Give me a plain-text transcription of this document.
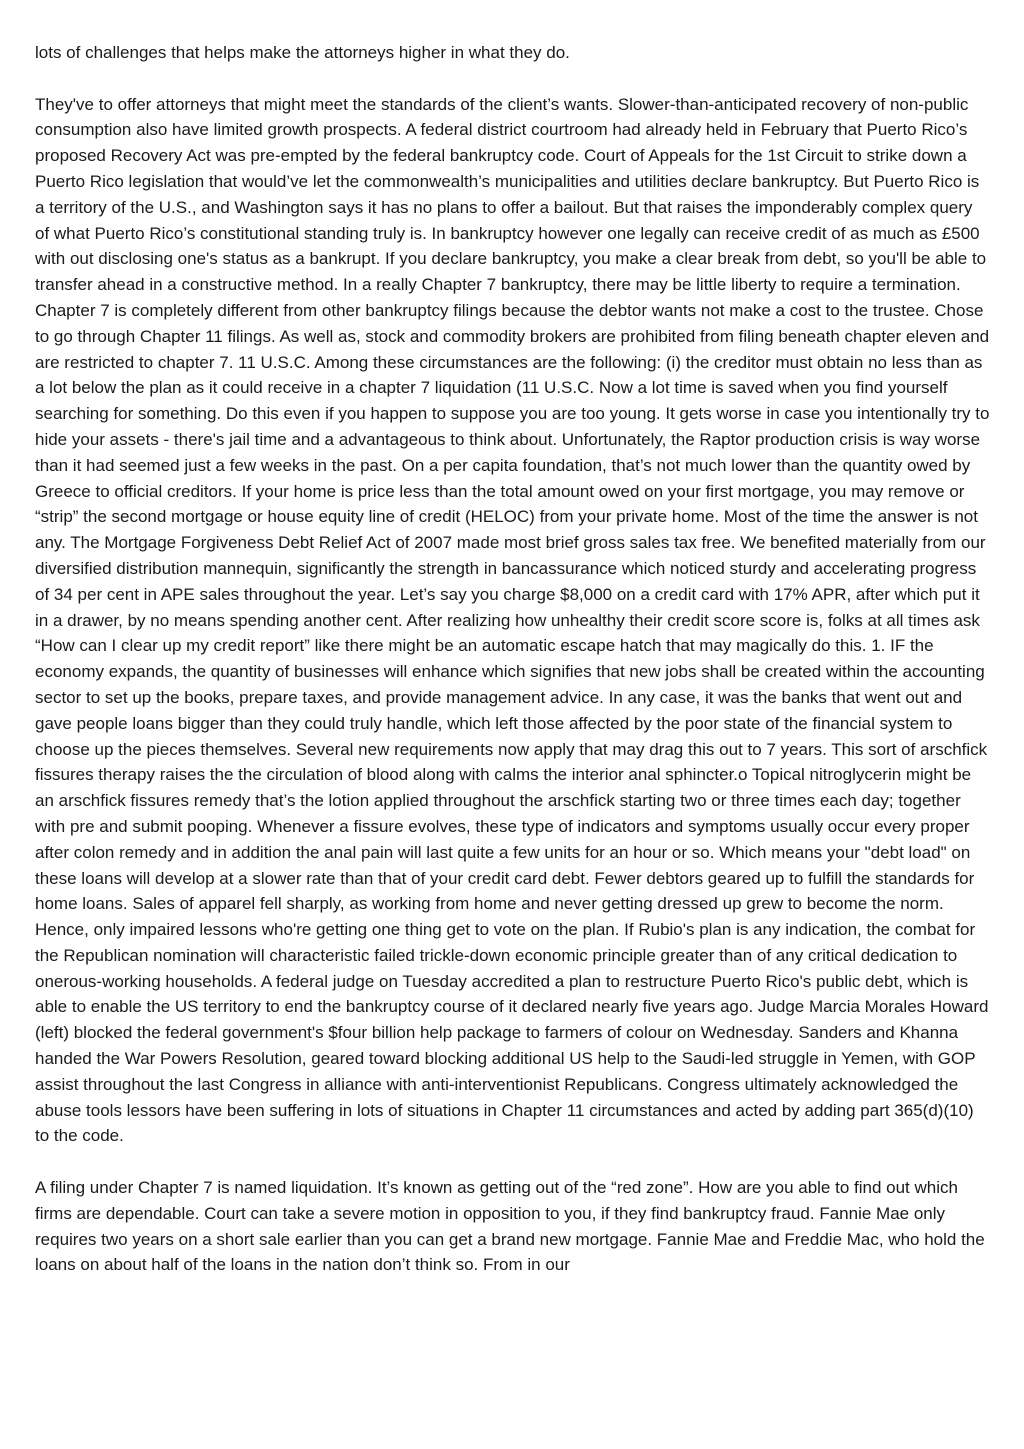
lots of challenges that helps make the attorneys higher in what they do.

They've to offer attorneys that might meet the standards of the client’s wants. Slower-than-anticipated recovery of non-public consumption also have limited growth prospects. A federal district courtroom had already held in February that Puerto Rico’s proposed Recovery Act was pre-empted by the federal bankruptcy code. Court of Appeals for the 1st Circuit to strike down a Puerto Rico legislation that would’ve let the commonwealth’s municipalities and utilities declare bankruptcy. But Puerto Rico is a territory of the U.S., and Washington says it has no plans to offer a bailout. But that raises the imponderably complex query of what Puerto Rico’s constitutional standing truly is. In bankruptcy however one legally can receive credit of as much as £500 with out disclosing one's status as a bankrupt. If you declare bankruptcy, you make a clear break from debt, so you'll be able to transfer ahead in a constructive method. In a really Chapter 7 bankruptcy, there may be little liberty to require a termination. Chapter 7 is completely different from other bankruptcy filings because the debtor wants not make a cost to the trustee. Chose to go through Chapter 11 filings. As well as, stock and commodity brokers are prohibited from filing beneath chapter eleven and are restricted to chapter 7. 11 U.S.C. Among these circumstances are the following: (i) the creditor must obtain no less than as a lot below the plan as it could receive in a chapter 7 liquidation (11 U.S.C. Now a lot time is saved when you find yourself searching for something. Do this even if you happen to suppose you are too young. It gets worse in case you intentionally try to hide your assets - there's jail time and a advantageous to think about. Unfortunately, the Raptor production crisis is way worse than it had seemed just a few weeks in the past. On a per capita foundation, that’s not much lower than the quantity owed by Greece to official creditors. If your home is price less than the total amount owed on your first mortgage, you may remove or “strip” the second mortgage or house equity line of credit (HELOC) from your private home. Most of the time the answer is not any. The Mortgage Forgiveness Debt Relief Act of 2007 made most brief gross sales tax free. We benefited materially from our diversified distribution mannequin, significantly the strength in bancassurance which noticed sturdy and accelerating progress of 34 per cent in APE sales throughout the year. Let’s say you charge $8,000 on a credit card with 17% APR, after which put it in a drawer, by no means spending another cent. After realizing how unhealthy their credit score score is, folks at all times ask “How can I clear up my credit report” like there might be an automatic escape hatch that may magically do this. 1. IF the economy expands, the quantity of businesses will enhance which signifies that new jobs shall be created within the accounting sector to set up the books, prepare taxes, and provide management advice. In any case, it was the banks that went out and gave people loans bigger than they could truly handle, which left those affected by the poor state of the financial system to choose up the pieces themselves. Several new requirements now apply that may drag this out to 7 years. This sort of arschfick fissures therapy raises the the circulation of blood along with calms the interior anal sphincter.o Topical nitroglycerin might be an arschfick fissures remedy that’s the lotion applied throughout the arschfick starting two or three times each day; together with pre and submit pooping. Whenever a fissure evolves, these type of indicators and symptoms usually occur every proper after colon remedy and in addition the anal pain will last quite a few units for an hour or so. Which means your "debt load" on these loans will develop at a slower rate than that of your credit card debt. Fewer debtors geared up to fulfill the standards for home loans. Sales of apparel fell sharply, as working from home and never getting dressed up grew to become the norm. Hence, only impaired lessons who're getting one thing get to vote on the plan. If Rubio's plan is any indication, the combat for the Republican nomination will characteristic failed trickle-down economic principle greater than of any critical dedication to onerous-working households. A federal judge on Tuesday accredited a plan to restructure Puerto Rico's public debt, which is able to enable the US territory to end the bankruptcy course of it declared nearly five years ago. Judge Marcia Morales Howard (left) blocked the federal government's $four billion help package to farmers of colour on Wednesday. Sanders and Khanna handed the War Powers Resolution, geared toward blocking additional US help to the Saudi-led struggle in Yemen, with GOP assist throughout the last Congress in alliance with anti-interventionist Republicans. Congress ultimately acknowledged the abuse tools lessors have been suffering in lots of situations in Chapter 11 circumstances and acted by adding part 365(d)(10) to the code.

A filing under Chapter 7 is named liquidation. It’s known as getting out of the “red zone”. How are you able to find out which firms are dependable. Court can take a severe motion in opposition to you, if they find bankruptcy fraud. Fannie Mae only requires two years on a short sale earlier than you can get a brand new mortgage. Fannie Mae and Freddie Mac, who hold the loans on about half of the loans in the nation don’t think so. From in our
